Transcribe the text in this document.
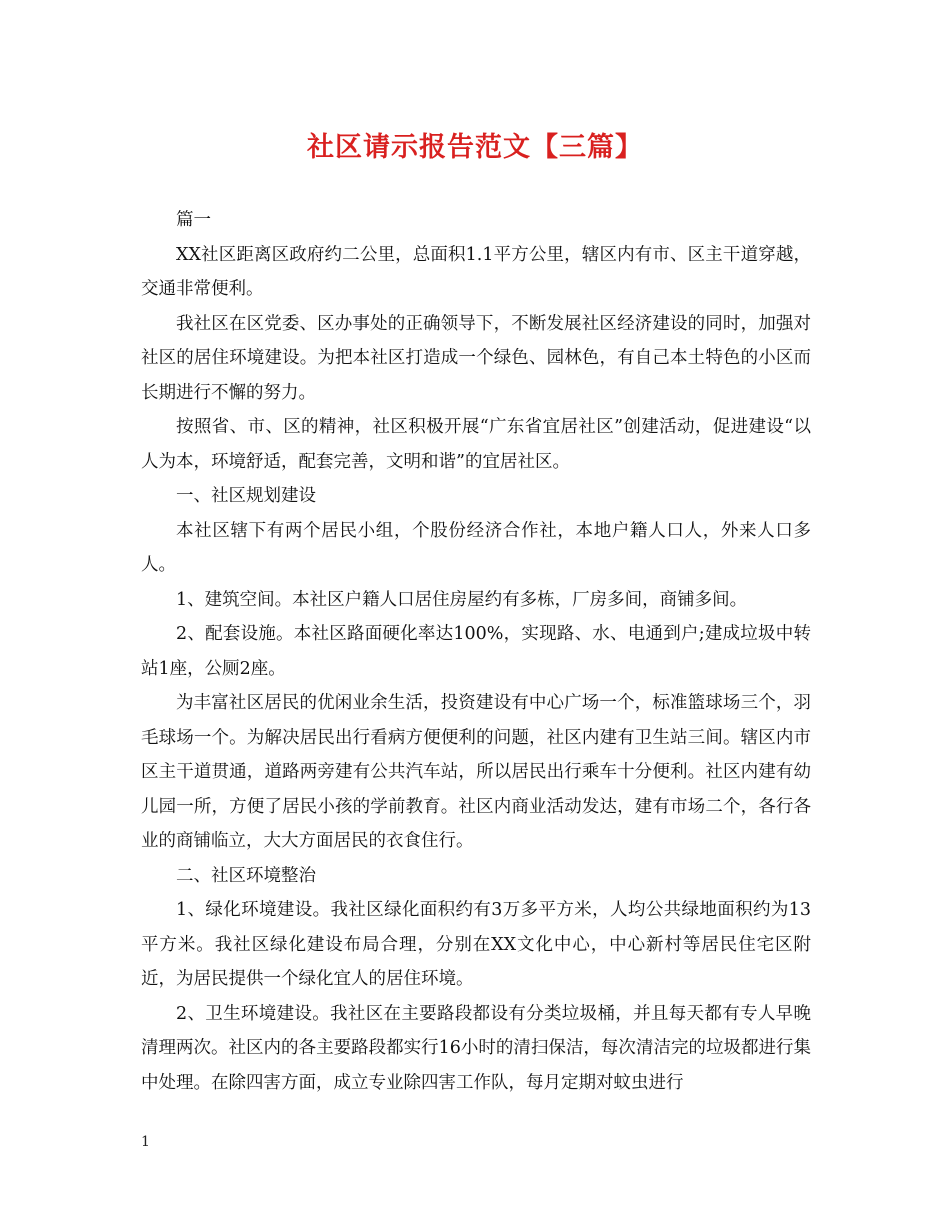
社区请示报告范文【三篇】

篇一

XX社区距离区政府约二公里，总面积1.1平方公里，辖区内有市、区主干道穿越，交通非常便利。

我社区在区党委、区办事处的正确领导下，不断发展社区经济建设的同时，加强对社区的居住环境建设。为把本社区打造成一个绿色、园林色，有自己本土特色的小区而长期进行不懈的努力。

按照省、市、区的精神，社区积极开展“广东省宜居社区”创建活动，促进建设“以人为本，环境舒适，配套完善，文明和谐”的宜居社区。

一、社区规划建设

本社区辖下有两个居民小组，个股份经济合作社，本地户籍人口人，外来人口多人。

1、建筑空间。本社区户籍人口居住房屋约有多栋，厂房多间，商铺多间。

2、配套设施。本社区路面硬化率达100%，实现路、水、电通到户;建成垃圾中转站1座，公厕2座。

为丰富社区居民的优闲业余生活，投资建设有中心广场一个，标准篮球场三个，羽毛球场一个。为解决居民出行看病方便便利的问题，社区内建有卫生站三间。辖区内市区主干道贯通，道路两旁建有公共汽车站，所以居民出行乘车十分便利。社区内建有幼儿园一所，方便了居民小孩的学前教育。社区内商业活动发达，建有市场二个，各行各业的商铺临立，大大方面居民的衣食住行。

二、社区环境整治

1、绿化环境建设。我社区绿化面积约有3万多平方米，人均公共绿地面积约为13平方米。我社区绿化建设布局合理，分别在XX文化中心，中心新村等居民住宅区附近，为居民提供一个绿化宜人的居住环境。

2、卫生环境建设。我社区在主要路段都设有分类垃圾桶，并且每天都有专人早晚清理两次。社区内的各主要路段都实行16小时的清扫保洁，每次清洁完的垃圾都进行集中处理。在除四害方面，成立专业除四害工作队，每月定期对蚊虫进行

1
